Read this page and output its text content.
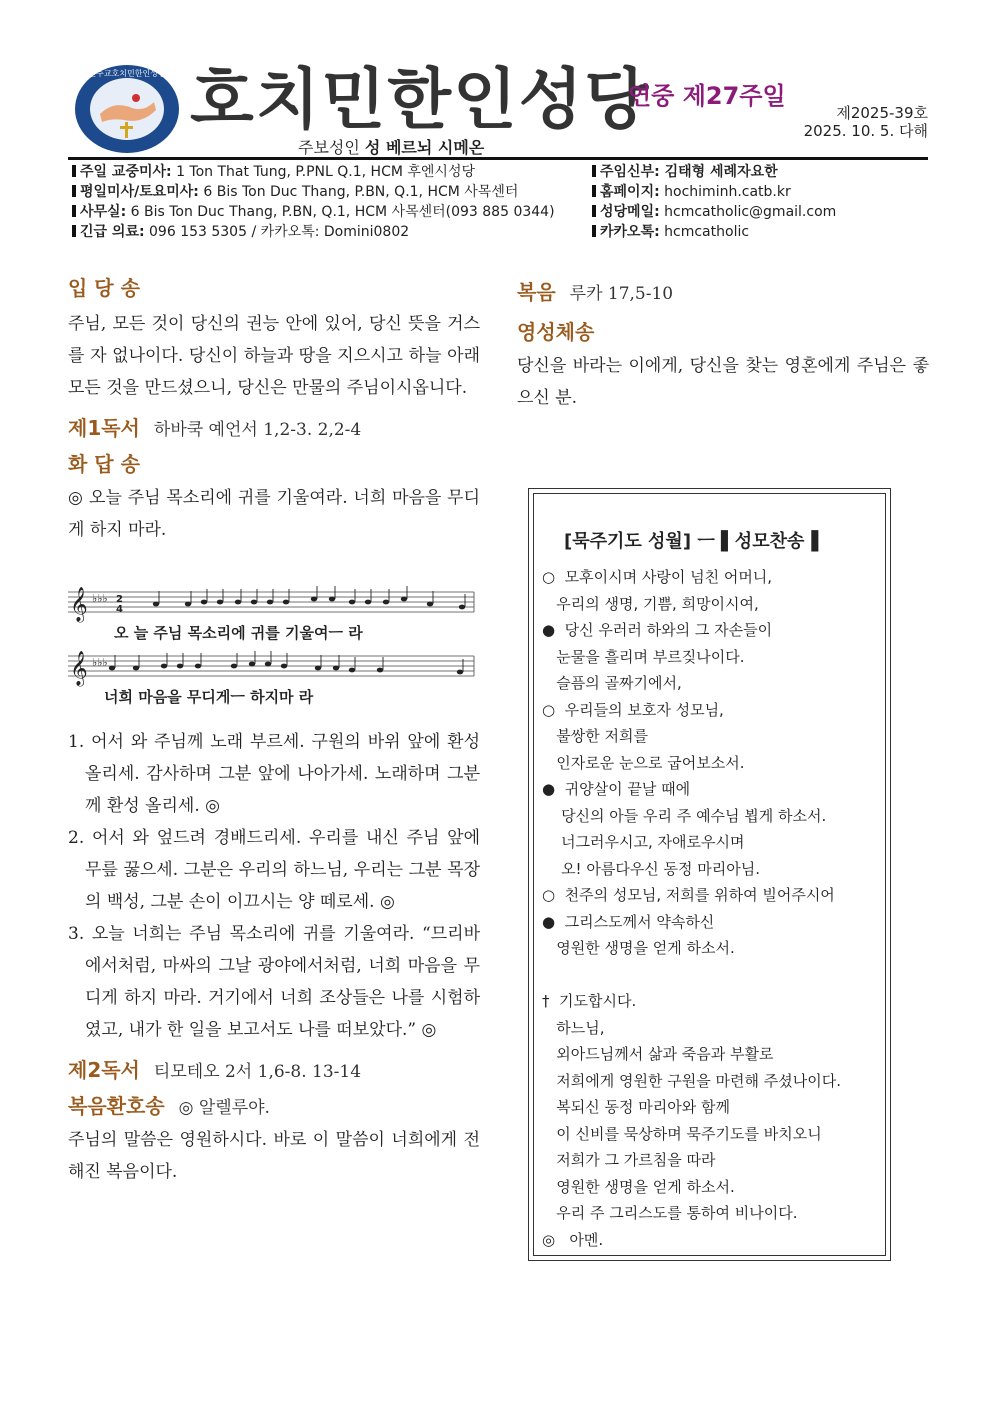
천주교호치민한인성당 호치민한인성당
연중 제27주일
제2025-39호
2025. 10. 5. 다해
주보성인 성 베르뇌 시메온
주일 교중미사: 1 Ton That Tung, P.PNL Q.1, HCM 후엔시성당
평일미사/토요미사: 6 Bis Ton Duc Thang, P.BN, Q.1, HCM 사목센터
사무실: 6 Bis Ton Duc Thang, P.BN, Q.1, HCM 사목센터(093 885 0344)
긴급 의료: 096 153 5305 / 카카오톡: Domini0802
주임신부: 김태형 세례자요한
홈페이지: hochiminh.catb.kr
성당메일: hcmcatholic@gmail.com
카카오톡: hcmcatholic
입 당 송
주님, 모든 것이 당신의 권능 안에 있어, 당신 뜻을 거스를 자 없나이다. 당신이 하늘과 땅을 지으시고 하늘 아래 모든 것을 만드셨으니, 당신은 만물의 주님이시옵니다.
제1독서 하바쿡 예언서 1,2-3. 2,2-4
화 답 송
◎ 오늘 주님 목소리에 귀를 기울여라. 너희 마음을 무디게 하지 마라.
𝄞 ♭♭♭ 2
4
오 늘 주님 목소리에 귀를 기울여ㅡ 라
𝄞 ♭♭♭
너희 마음을 무디게ㅡ 하지마 라
1. 어서 와 주님께 노래 부르세. 구원의 바위 앞에 환성 올리세. 감사하며 그분 앞에 나아가세. 노래하며 그분께 환성 올리세. ◎
2. 어서 와 엎드려 경배드리세. 우리를 내신 주님 앞에 무릎 꿇으세. 그분은 우리의 하느님, 우리는 그분 목장의 백성, 그분 손이 이끄시는 양 떼로세. ◎
3. 오늘 너희는 주님 목소리에 귀를 기울여라. “므리바에서처럼, 마싸의 그날 광야에서처럼, 너희 마음을 무디게 하지 마라. 거기에서 너희 조상들은 나를 시험하였고, 내가 한 일을 보고서도 나를 떠보았다.” ◎
제2독서 티모테오 2서 1,6-8. 13-14
복음환호송 ◎ 알렐루야.
주님의 말씀은 영원하시다. 바로 이 말씀이 너희에게 전해진 복음이다.
복음 루카 17,5-10
영성체송
당신을 바라는 이에게, 당신을 찾는 영혼에게 주님은 좋으신 분.
[묵주기도 성월] ㅡ ▌성모찬송▐
○  모후이시며 사랑이 넘친 어머니,
우리의 생명, 기쁨, 희망이시여,
●  당신 우러러 하와의 그 자손들이
눈물을 흘리며 부르짖나이다.
슬픔의 골짜기에서,
○  우리들의 보호자 성모님,
불쌍한 저희를
인자로운 눈으로 굽어보소서.
●  귀양살이 끝날 때에
당신의 아들 우리 주 예수님 뵙게 하소서.
너그러우시고, 자애로우시며
오! 아름다우신 동정 마리아님.
○  천주의 성모님, 저희를 위하여 빌어주시어
●  그리스도께서 약속하신
영원한 생명을 얻게 하소서.
†  기도합시다.
하느님,
외아드님께서 삶과 죽음과 부활로
저희에게 영원한 구원을 마련해 주셨나이다.
복되신 동정 마리아와 함께
이 신비를 묵상하며 묵주기도를 바치오니
저희가 그 가르침을 따라
영원한 생명을 얻게 하소서.
우리 주 그리스도를 통하여 비나이다.
◎   아멘.
